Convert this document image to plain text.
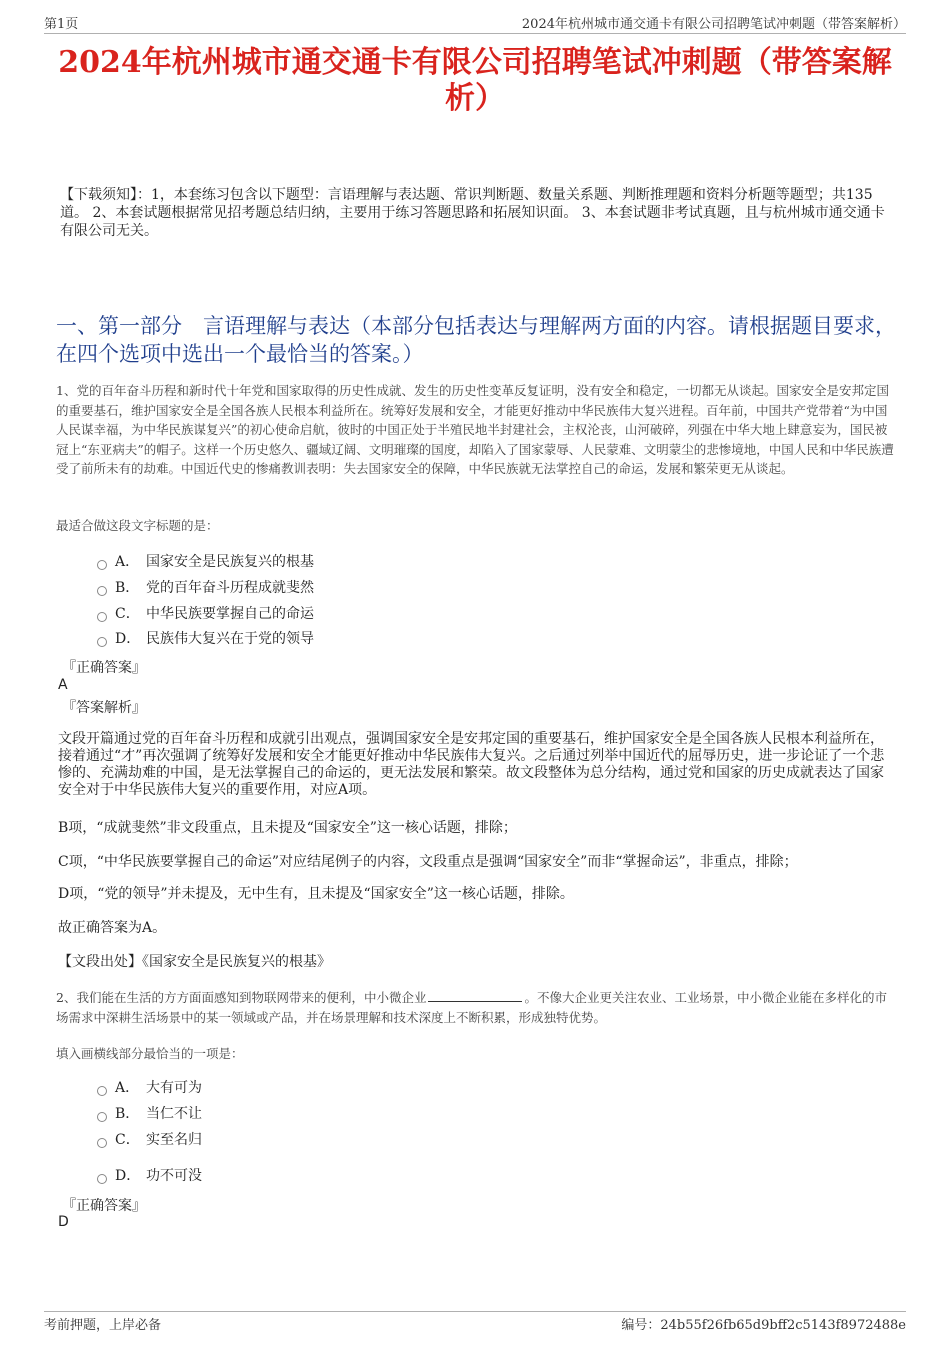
第1页	2024年杭州城市通交通卡有限公司招聘笔试冲刺题（带答案解析）
2024年杭州城市通交通卡有限公司招聘笔试冲刺题（带答案解析）
【下载须知】：1，本套练习包含以下题型：言语理解与表达题、常识判断题、数量关系题、判断推理题和资料分析题等题型；共135道。 2、本套试题根据常见招考题总结归纳，主要用于练习答题思路和拓展知识面。 3、本套试题非考试真题，且与杭州城市通交通卡有限公司无关。
一、第一部分　言语理解与表达（本部分包括表达与理解两方面的内容。请根据题目要求，在四个选项中选出一个最恰当的答案。）
1、党的百年奋斗历程和新时代十年党和国家取得的历史性成就、发生的历史性变革反复证明，没有安全和稳定，一切都无从谈起。国家安全是安邦定国的重要基石，维护国家安全是全国各族人民根本利益所在。统筹好发展和安全，才能更好推动中华民族伟大复兴进程。百年前，中国共产党带着“为中国人民谋幸福，为中华民族谋复兴”的初心使命启航，彼时的中国正处于半殖民地半封建社会，主权沦丧，山河破碎，列强在中华大地上肆意妄为，国民被冠上“东亚病夫”的帽子。这样一个历史悠久、疆域辽阔、文明璀璨的国度，却陷入了国家蒙辱、人民蒙难、文明蒙尘的悲惨境地，中国人民和中华民族遭受了前所未有的劫难。中国近代史的惨痛教训表明：失去国家安全的保障，中华民族就无法掌控自己的命运，发展和繁荣更无从谈起。
最适合做这段文字标题的是：
A． 国家安全是民族复兴的根基
B． 党的百年奋斗历程成就斐然
C． 中华民族要掌握自己的命运
D． 民族伟大复兴在于党的领导
『正确答案』
A
『答案解析』
文段开篇通过党的百年奋斗历程和成就引出观点，强调国家安全是安邦定国的重要基石，维护国家安全是全国各族人民根本利益所在，接着通过“才”再次强调了统筹好发展和安全才能更好推动中华民族伟大复兴。之后通过列举中国近代的屈辱历史，进一步论证了一个悲惨的、充满劫难的中国，是无法掌握自己的命运的，更无法发展和繁荣。故文段整体为总分结构，通过党和国家的历史成就表达了国家安全对于中华民族伟大复兴的重要作用，对应A项。
B项，“成就斐然”非文段重点，且未提及“国家安全”这一核心话题，排除；
C项，“中华民族要掌握自己的命运”对应结尾例子的内容，文段重点是强调“国家安全”而非“掌握命运”，非重点，排除；
D项，“党的领导”并未提及，无中生有，且未提及“国家安全”这一核心话题，排除。
故正确答案为A。
【文段出处】《国家安全是民族复兴的根基》
2、我们能在生活的方方面面感知到物联网带来的便利，中小微企业	。不像大企业更关注农业、工业场景，中小微企业能在多样化的市场需求中深耕生活场景中的某一领域或产品，并在场景理解和技术深度上不断积累，形成独特优势。
填入画横线部分最恰当的一项是：
A． 大有可为
B． 当仁不让
C． 实至名归
D． 功不可没
『正确答案』
D
考前押题，上岸必备	编号：24b55f26fb65d9bff2c5143f8972488e
